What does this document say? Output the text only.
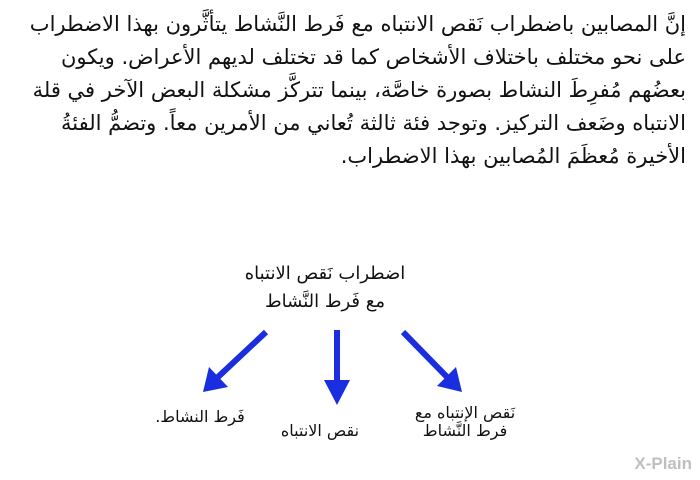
إنَّ المصابين باضطراب نَقص الانتباه مع فَرط النَّشاط يتأثَّرون بهذا الاضطراب على نحو مختلف باختلاف الأشخاص كما قد تختلف لديهم الأعراض. ويكون بعضُهم مُفرِطَ النشاط بصورة خاصَّة، بينما تتركَّز مشكلة البعض الآخر في قلة الانتباه وضَعف التركيز. وتوجد فئة ثالثة تُعاني من الأمرين معاً. وتضمُّ الفئةُ الأخيرة مُعظَمَ المُصابين بهذا الاضطراب.

اضطراب نَقص الانتباه
مع فَرط النَّشاط
فَرط النشاط.
نقص الانتباه
نَقص الإنتباه مع
فرط النَّشاط
X-Plain
